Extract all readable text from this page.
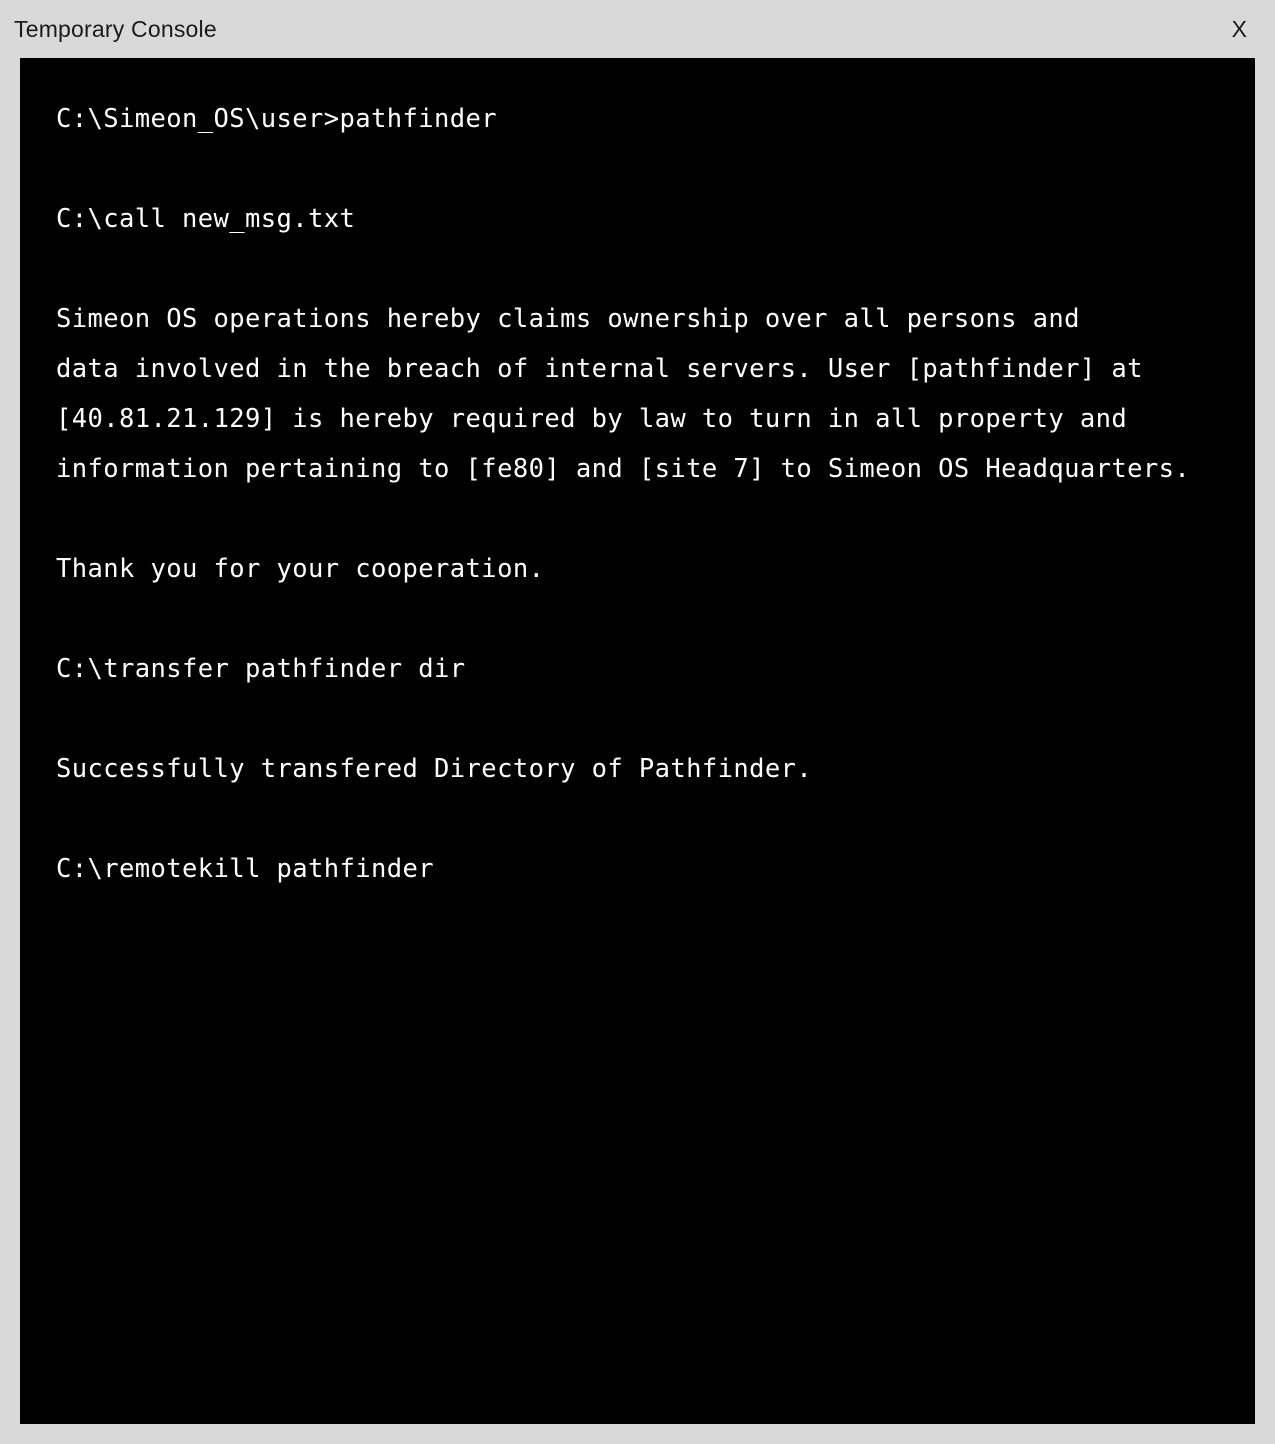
Temporary Console	X
C:\Simeon_OS\user>pathfinder

C:\call new_msg.txt

Simeon OS operations hereby claims ownership over all persons and
data involved in the breach of internal servers. User [pathfinder] at
[40.81.21.129] is hereby required by law to turn in all property and
information pertaining to [fe80] and [site 7] to Simeon OS Headquarters.

Thank you for your cooperation.

C:\transfer pathfinder dir

Successfully transfered Directory of Pathfinder.

C:\remotekill pathfinder
